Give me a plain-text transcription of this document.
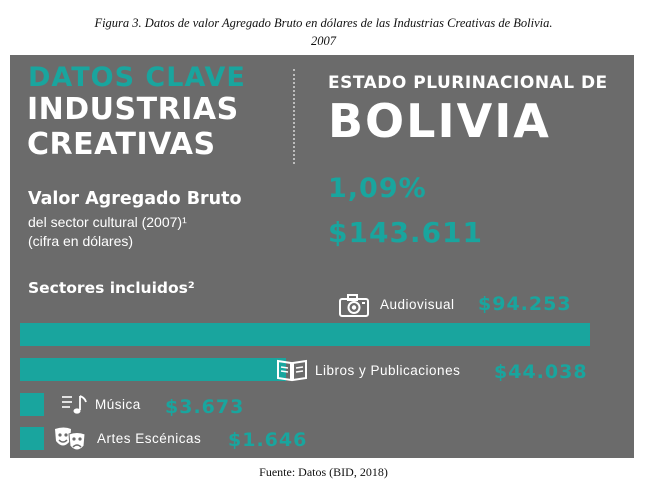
Figura 3. Datos de valor Agregado Bruto en dólares de las Industrias Creativas de Bolivia.
2007
DATOS CLAVE
INDUSTRIAS
CREATIVAS
ESTADO PLURINACIONAL DE
BOLIVIA
Valor Agregado Bruto
del sector cultural (2007)¹
(cifra en dólares)
1,09%
$143.611
Sectores incluidos²
Audiovisual $94.253
Libros y Publicaciones $44.038
Música $3.673
Artes Escénicas $1.646
Fuente: Datos (BID, 2018)
